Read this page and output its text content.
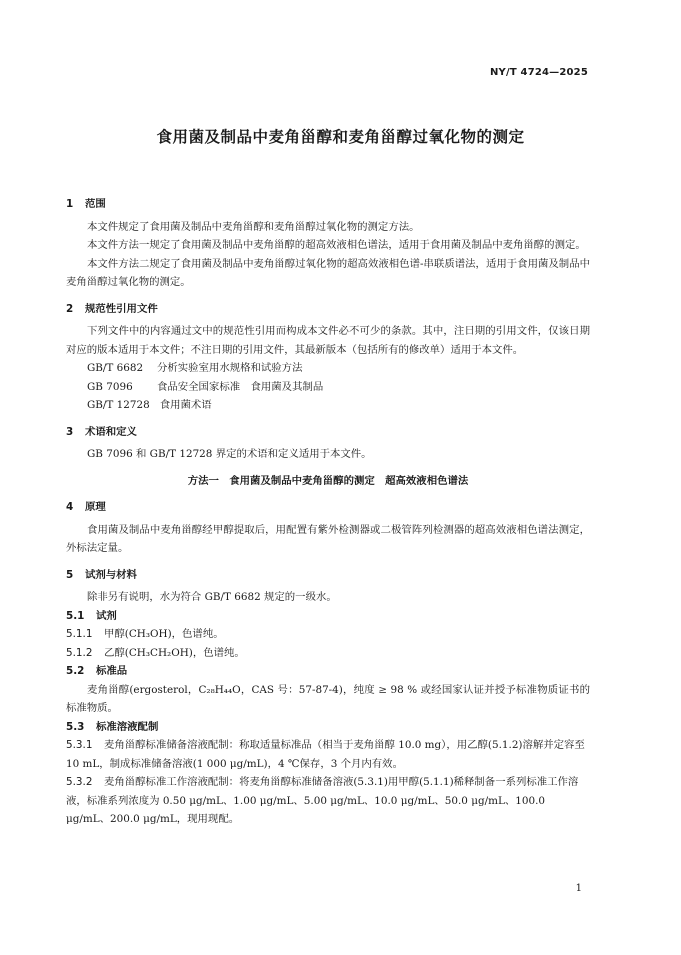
NY/T 4724—2025
食用菌及制品中麦角甾醇和麦角甾醇过氧化物的测定
1 范围

本文件规定了食用菌及制品中麦角甾醇和麦角甾醇过氧化物的测定方法。

本文件方法一规定了食用菌及制品中麦角甾醇的超高效液相色谱法，适用于食用菌及制品中麦角甾醇的测定。

本文件方法二规定了食用菌及制品中麦角甾醇过氧化物的超高效液相色谱-串联质谱法，适用于食用菌及制品中麦角甾醇过氧化物的测定。

2 规范性引用文件

下列文件中的内容通过文中的规范性引用而构成本文件必不可少的条款。其中，注日期的引用文件，仅该日期对应的版本适用于本文件；不注日期的引用文件，其最新版本（包括所有的修改单）适用于本文件。

GB/T 6682 分析实验室用水规格和试验方法
GB 7096 食品安全国家标准　食用菌及其制品
GB/T 12728 食用菌术语
3 术语和定义

GB 7096 和 GB/T 12728 界定的术语和定义适用于本文件。

方法一　食用菌及制品中麦角甾醇的测定　超高效液相色谱法

4 原理

食用菌及制品中麦角甾醇经甲醇提取后，用配置有紫外检测器或二极管阵列检测器的超高效液相色谱法测定，外标法定量。

5 试剂与材料

除非另有说明，水为符合 GB/T 6682 规定的一级水。

5.1 试剂

5.1.1 甲醇(CH₃OH)，色谱纯。

5.1.2 乙醇(CH₃CH₂OH)，色谱纯。

5.2 标准品

麦角甾醇(ergosterol，C₂₈H₄₄O，CAS 号：57-87-4)，纯度 ≥ 98 % 或经国家认证并授予标准物质证书的标准物质。

5.3 标准溶液配制

5.3.1 麦角甾醇标准储备溶液配制：称取适量标准品（相当于麦角甾醇 10.0 mg），用乙醇(5.1.2)溶解并定容至 10 mL，制成标准储备溶液(1 000 μg/mL)，4 ℃保存，3 个月内有效。

5.3.2 麦角甾醇标准工作溶液配制：将麦角甾醇标准储备溶液(5.3.1)用甲醇(5.1.1)稀释制备一系列标准工作溶液，标准系列浓度为 0.50 μg/mL、1.00 μg/mL、5.00 μg/mL、10.0 μg/mL、50.0 μg/mL、100.0 μg/mL、200.0 μg/mL，现用现配。

1
